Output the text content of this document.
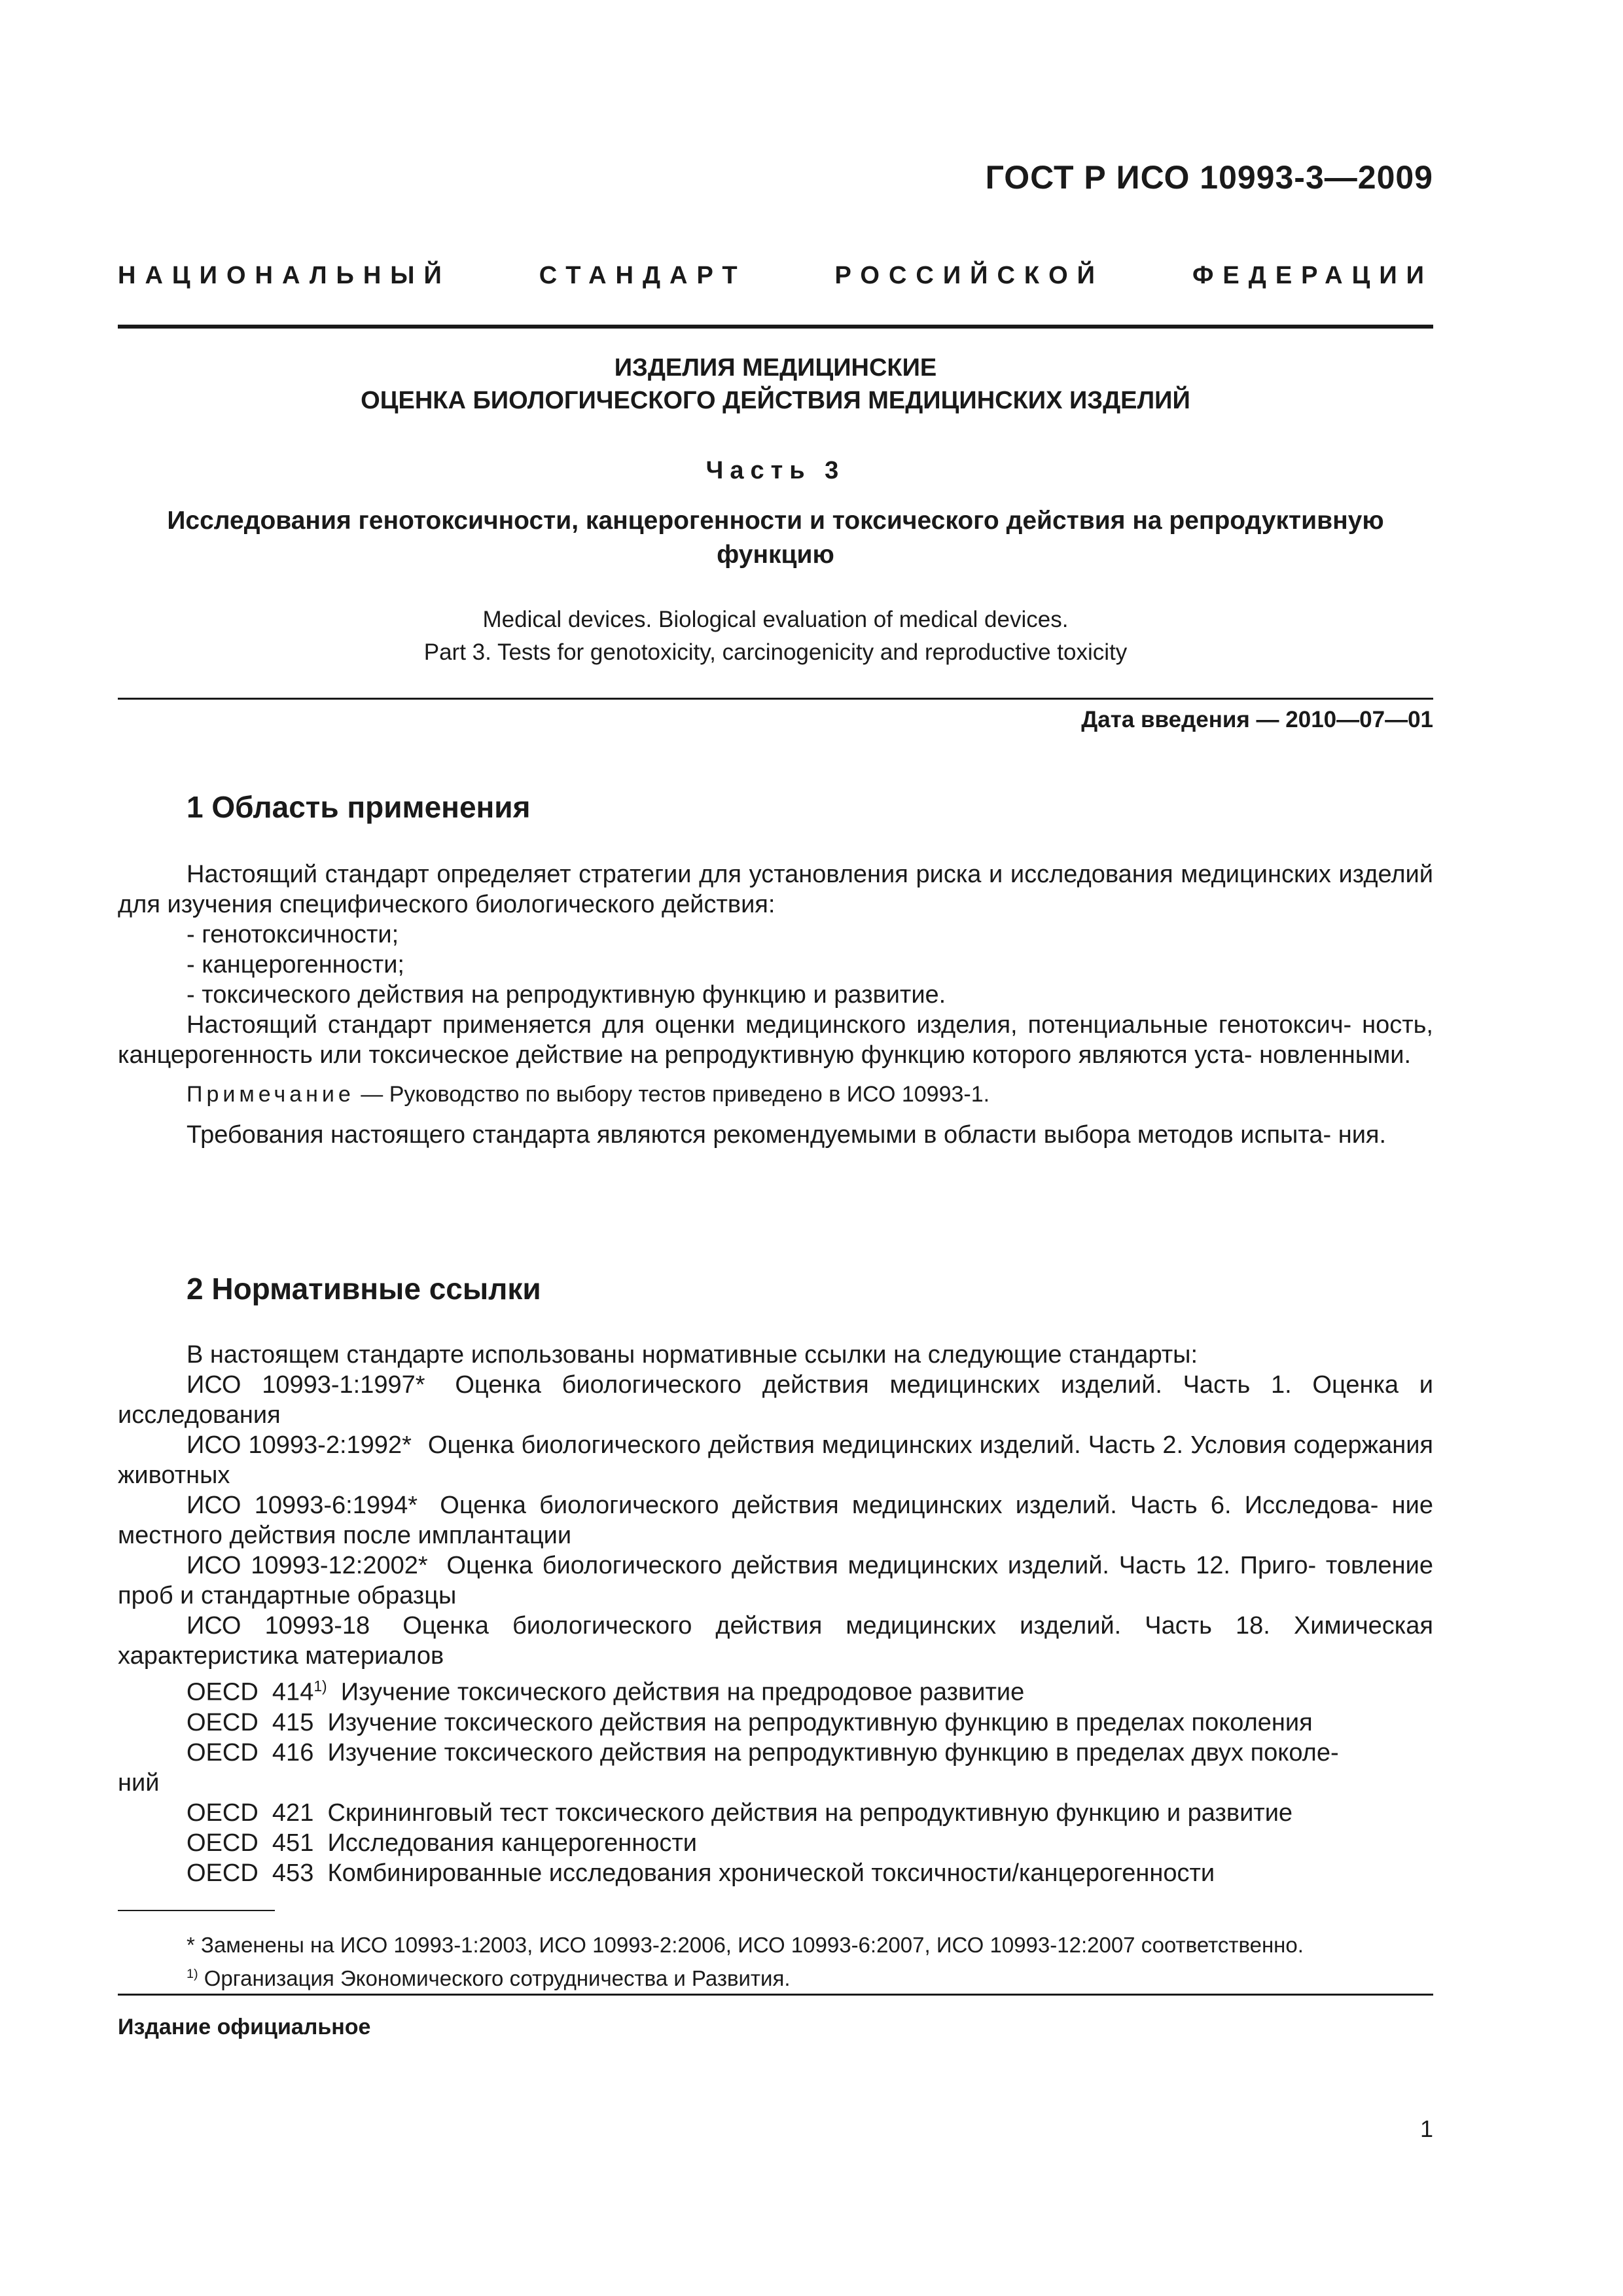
ГОСТ Р ИСО 10993-3—2009
НАЦИОНАЛЬНЫЙ СТАНДАРТ РОССИЙСКОЙ ФЕДЕРАЦИИ
ИЗДЕЛИЯ МЕДИЦИНСКИЕ
ОЦЕНКА БИОЛОГИЧЕСКОГО ДЕЙСТВИЯ МЕДИЦИНСКИХ ИЗДЕЛИЙ
Часть 3
Исследования генотоксичности, канцерогенности и токсического действия на репродуктивную
функцию
Medical devices. Biological evaluation of medical devices.
Part 3. Tests for genotoxicity, carcinogenicity and reproductive toxicity
Дата введения — 2010—07—01
1 Область применения

Настоящий стандарт определяет стратегии для установления риска и исследования медицинских изделий для изучения специфического биологического действия:

- генотоксичности;
- канцерогенности;
- токсического действия на репродуктивную функцию и развитие.

Настоящий стандарт применяется для оценки медицинского изделия, потенциальные генотоксич- ность, канцерогенность или токсическое действие на репродуктивную функцию которого являются уста- новленными.

Примечание — Руководство по выбору тестов приведено в ИСО 10993-1.

Требования настоящего стандарта являются рекомендуемыми в области выбора методов испыта- ния.

2 Нормативные ссылки
В настоящем стандарте использованы нормативные ссылки на следующие стандарты:

ИСО 10993-1:1997* Оценка биологического действия медицинских изделий. Часть 1. Оценка и исследования

ИСО 10993-2:1992* Оценка биологического действия медицинских изделий. Часть 2. Условия содержания животных

ИСО 10993-6:1994* Оценка биологического действия медицинских изделий. Часть 6. Исследова- ние местного действия после имплантации

ИСО 10993-12:2002* Оценка биологического действия медицинских изделий. Часть 12. Приго- товление проб и стандартные образцы

ИСО 10993-18 Оценка биологического действия медицинских изделий. Часть 18. Химическая характеристика материалов

OECD 414$^{1)}$ Изучение токсического действия на предродовое развитие
OECD 415 Изучение токсического действия на репродуктивную функцию в пределах поколения
OECD 416 Изучение токсического действия на репродуктивную функцию в пределах двух поколе-
ний
OECD 421 Скрининговый тест токсического действия на репродуктивную функцию и развитие
OECD 451 Исследования канцерогенности
OECD 453 Комбинированные исследования хронической токсичности/канцерогенности
* Заменены на ИСО 10993-1:2003, ИСО 10993-2:2006, ИСО 10993-6:2007, ИСО 10993-12:2007 соответственно.
$^{1)}$ Организация Экономического сотрудничества и Развития.
Издание официальное
1
